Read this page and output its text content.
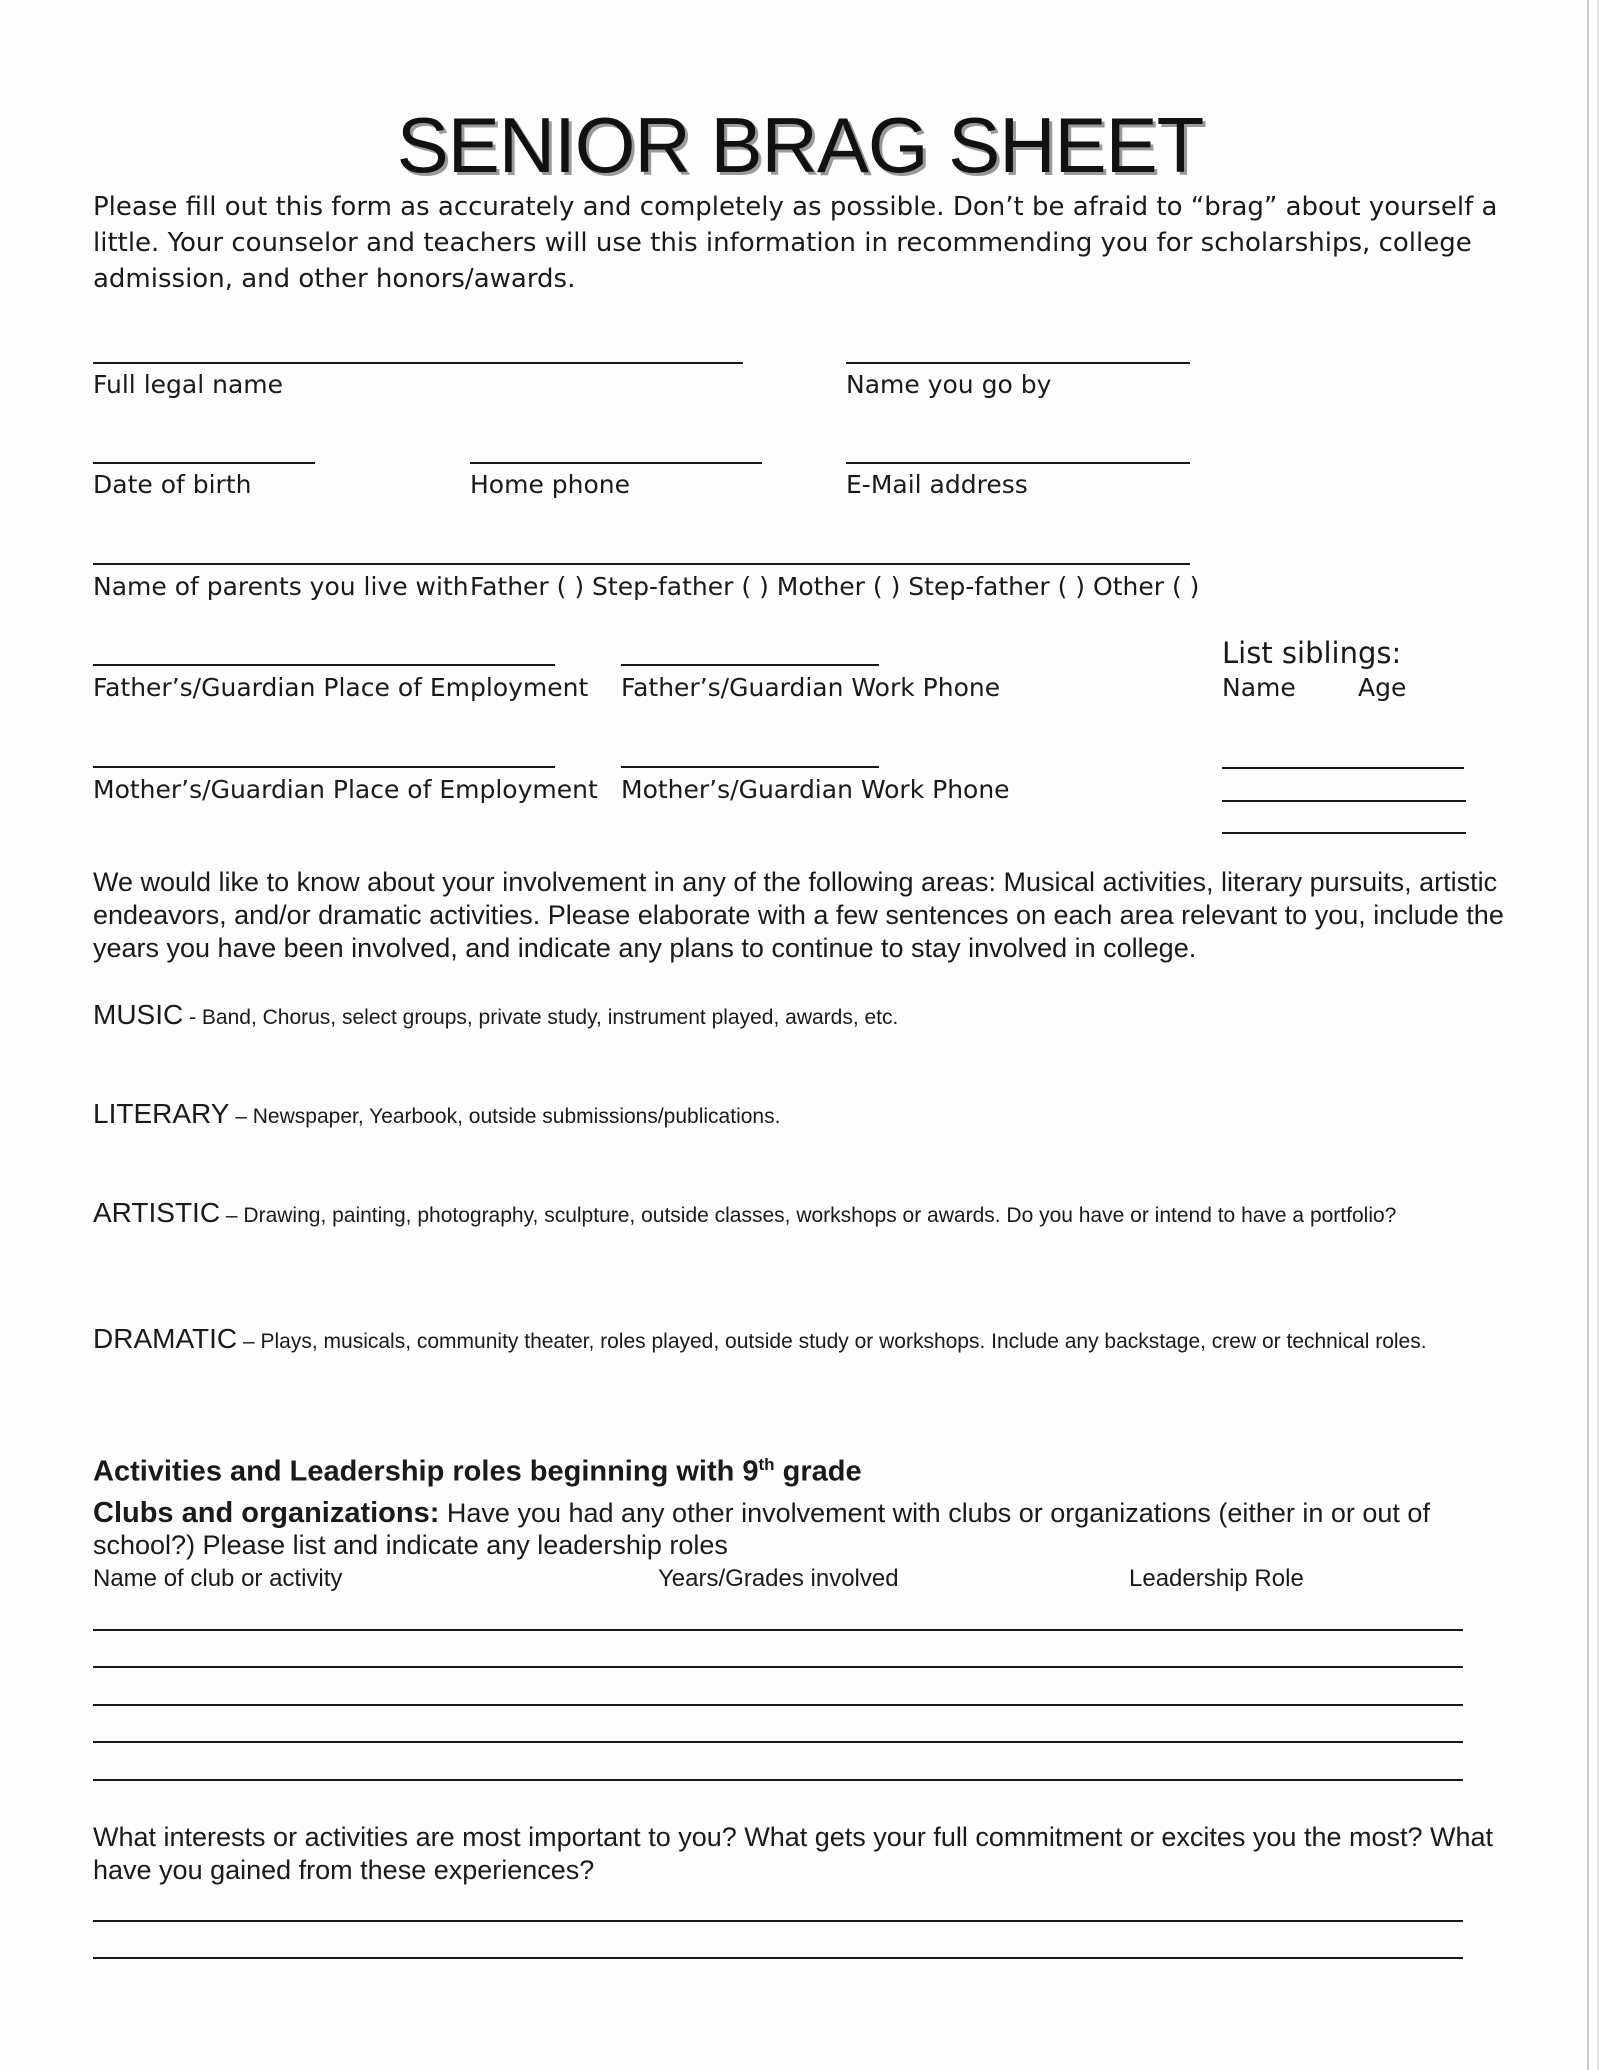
SENIOR BRAG SHEET
Please fill out this form as accurately and completely as possible. Don’t be afraid to “brag” about yourself a little. Your counselor and teachers will use this information in recommending you for scholarships, college admission, and other honors/awards.
Full legal name	Name you go by
Date of birth	Home phone	E-Mail address
Name of parents you live with Father ( ) Step-father ( ) Mother ( ) Step-father ( ) Other ( )
List siblings:
Name Age
Father’s/Guardian Place of Employment Father’s/Guardian Work Phone
Mother’s/Guardian Place of Employment Mother’s/Guardian Work Phone
We would like to know about your involvement in any of the following areas: Musical activities, literary pursuits, artistic endeavors, and/or dramatic activities. Please elaborate with a few sentences on each area relevant to you, include the years you have been involved, and indicate any plans to continue to stay involved in college.
MUSIC - Band, Chorus, select groups, private study, instrument played, awards, etc.
LITERARY – Newspaper, Yearbook, outside submissions/publications.
ARTISTIC – Drawing, painting, photography, sculpture, outside classes, workshops or awards. Do you have or intend to have a portfolio?
DRAMATIC – Plays, musicals, community theater, roles played, outside study or workshops. Include any backstage, crew or technical roles.
Activities and Leadership roles beginning with 9th grade
Clubs and organizations: Have you had any other involvement with clubs or organizations (either in or out of school?) Please list and indicate any leadership roles
Name of club or activity	Years/Grades involved	Leadership Role
What interests or activities are most important to you? What gets your full commitment or excites you the most? What have you gained from these experiences?
